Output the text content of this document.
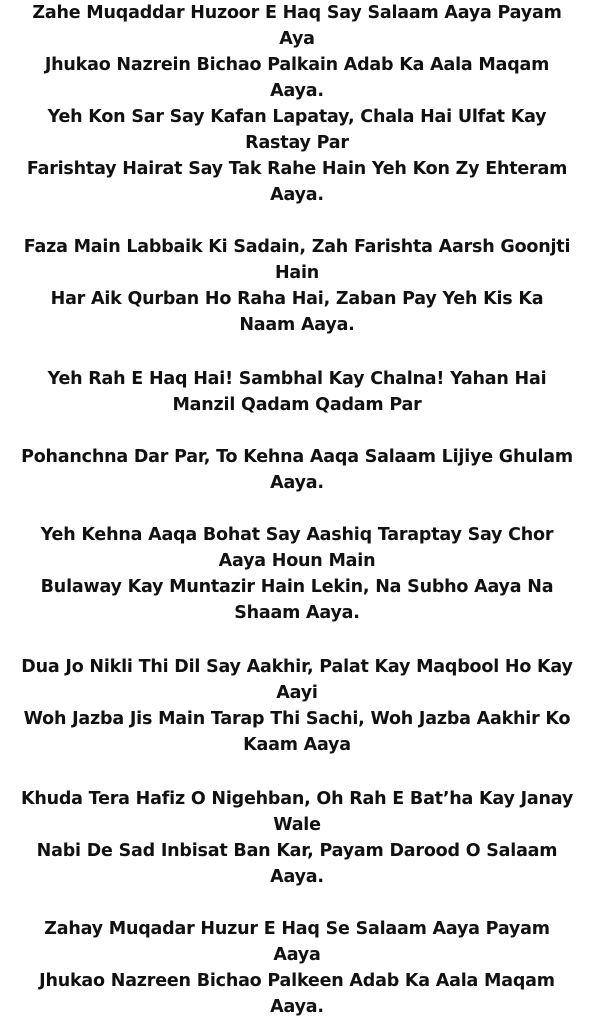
Zahe Muqaddar Huzoor E Haq Say Salaam Aaya Payam Aya
Jhukao Nazrein Bichao Palkain Adab Ka Aala Maqam Aaya.
Yeh Kon Sar Say Kafan Lapatay, Chala Hai Ulfat Kay Rastay Par
Farishtay Hairat Say Tak Rahe Hain Yeh Kon Zy Ehteram Aaya.
Faza Main Labbaik Ki Sadain, Zah Farishta Aarsh Goonjti Hain
Har Aik Qurban Ho Raha Hai, Zaban Pay Yeh Kis Ka Naam Aaya.
Yeh Rah E Haq Hai! Sambhal Kay Chalna! Yahan Hai Manzil Qadam Qadam Par
Pohanchna Dar Par, To Kehna Aaqa Salaam Lijiye Ghulam Aaya.
Yeh Kehna Aaqa Bohat Say Aashiq Taraptay Say Chor Aaya Houn Main
Bulaway Kay Muntazir Hain Lekin, Na Subho Aaya Na Shaam Aaya.
Dua Jo Nikli Thi Dil Say Aakhir, Palat Kay Maqbool Ho Kay Aayi
Woh Jazba Jis Main Tarap Thi Sachi, Woh Jazba Aakhir Ko Kaam Aaya
Khuda Tera Hafiz O Nigehban, Oh Rah E Bat’ha Kay Janay Wale
Nabi De Sad Inbisat Ban Kar, Payam Darood O Salaam Aaya.
Zahay Muqadar Huzur E Haq Se Salaam Aaya Payam Aaya
Jhukao Nazreen Bichao Palkeen Adab Ka Aala Maqam Aaya.
